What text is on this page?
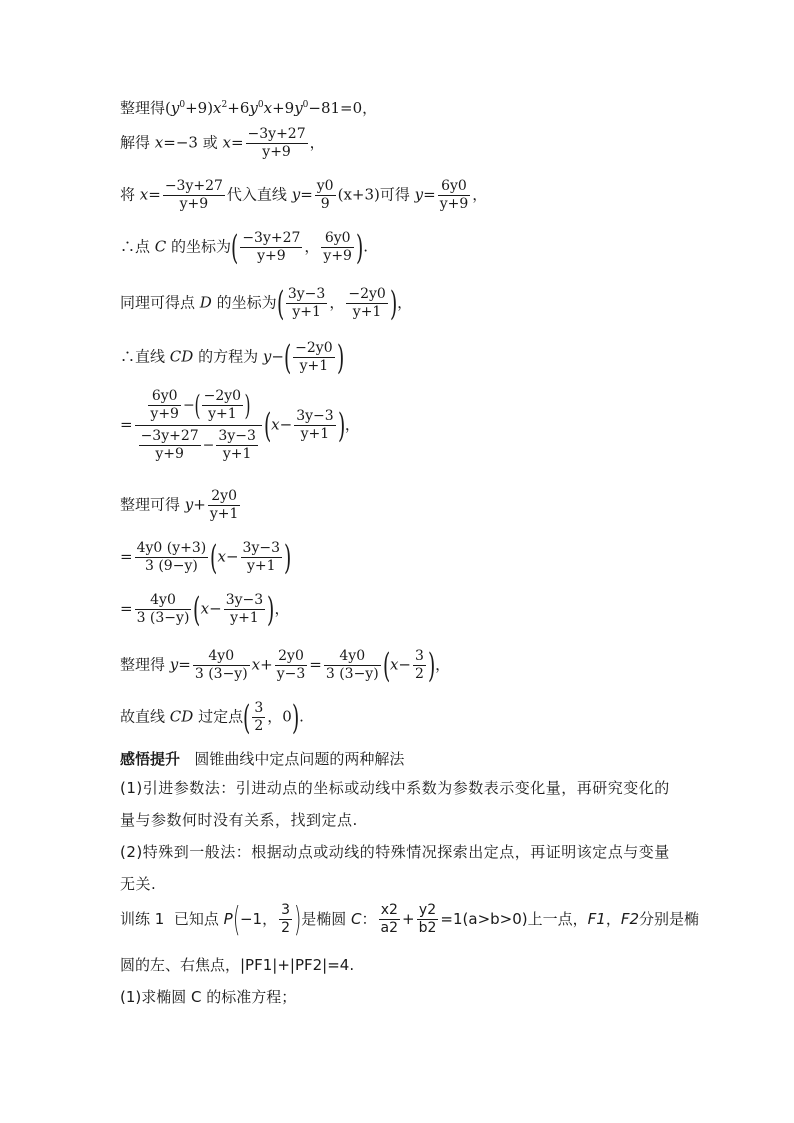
整理得$(y^0+9)x^2+6y^0x+9y^0-81=0$，
解得 x=−3 或 $x= \frac{-3y+27}{y+9}$ ，
将 $x= \frac{-3y+27}{y+9}$ 代入直线 $y= \frac{y0}{9} (x+3)$可得 $y= \frac{6y0}{y+9}$ ，
∴点 C 的坐标为( $\frac{-3y+27}{y+9}$ ， $\frac{6y0}{y+9}$ ).
同理可得点 D 的坐标为( $\frac{3y-3}{y+1}$ ， $\frac{-2y0}{y+1}$ )，
∴直线 CD 的方程为 $y-( \frac{-2y0}{y+1}$ )
= $\frac{\frac{6y0}{y+9} -( \frac{-2y0}{y+1} )}{\frac{-3y+27}{y+9} - \frac{3y-3}{y+1}} (x- \frac{3y-3}{y+1}$ )，
整理可得 $y+ \frac{2y0}{y+1}$
= $\frac{4y0 (y+3)}{3 (9-y)} (x- \frac{3y-3}{y+1}$ )
= $\frac{4y0}{3 (3-y)} (x- \frac{3y-3}{y+1}$ )，
整理得 $y= \frac{4y0}{3 (3-y)} x+ \frac{2y0}{y-3} = \frac{4y0}{3 (3-y)} (x- \frac{3}{2}$ )，
故直线 CD 过定点( $\frac{3}{2}$ ，0).
感悟提升 圆锥曲线中定点问题的两种解法
(1)引进参数法：引进动点的坐标或动线中系数为参数表示变化量，再研究变化的量与参数何时没有关系，找到定点.
(2)特殊到一般法：根据动点或动线的特殊情况探索出定点，再证明该定点与变量无关.
训练 1 已知点 P(−1， $\frac{3}{2}$ )是椭圆 C： $\frac{x2}{a2} + \frac{y2}{b2} =1(a>b>0)$上一点，F1，F2分别是椭
圆的左、右焦点，|PF1|+|PF2|=4.
(1)求椭圆 C 的标准方程；
